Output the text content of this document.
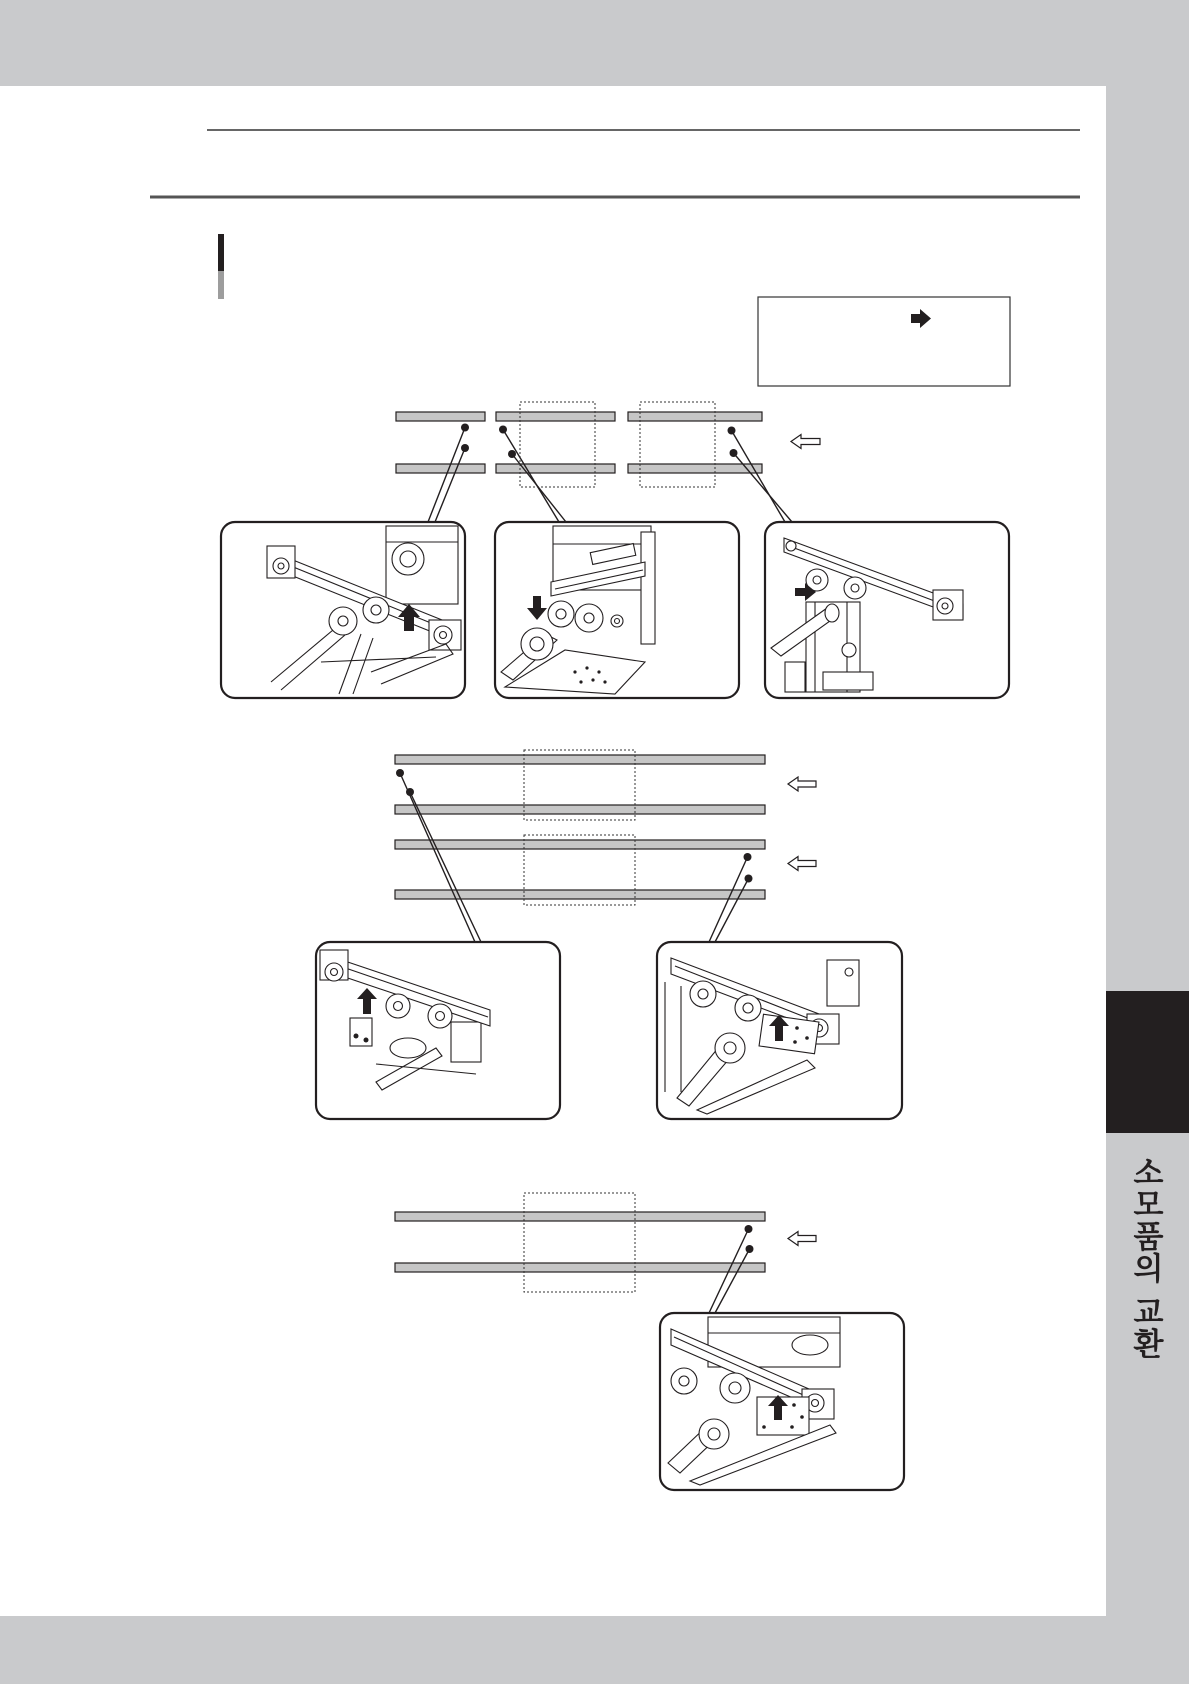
소모품의 교환
